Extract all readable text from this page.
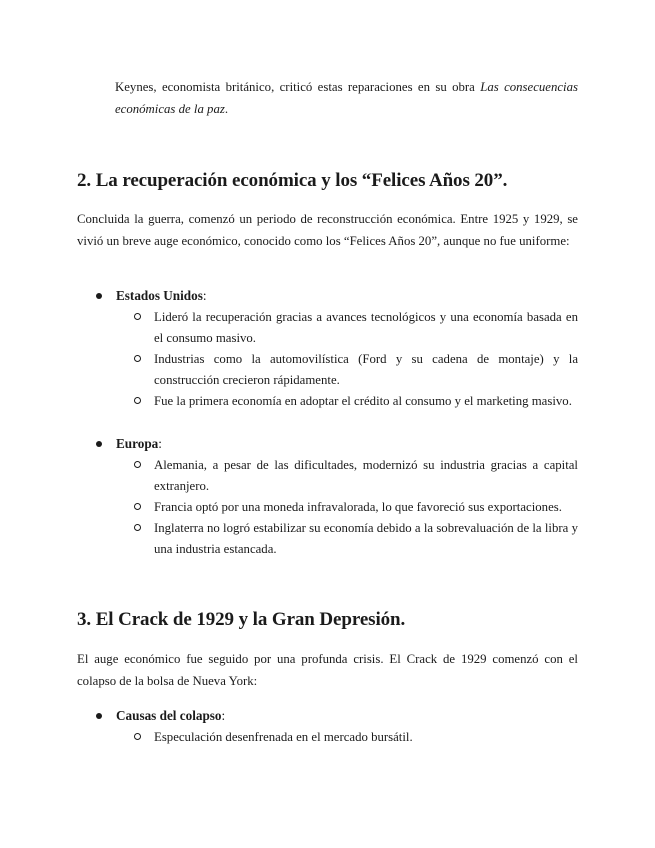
Keynes, economista británico, criticó estas reparaciones en su obra Las consecuencias económicas de la paz.

2. La recuperación económica y los “Felices Años 20”.

Concluida la guerra, comenzó un periodo de reconstrucción económica. Entre 1925 y 1929, se vivió un breve auge económico, conocido como los “Felices Años 20”, aunque no fue uniforme:

Estados Unidos:
Lideró la recuperación gracias a avances tecnológicos y una economía basada en el consumo masivo.
Industrias como la automovilística (Ford y su cadena de montaje) y la construcción crecieron rápidamente.
Fue la primera economía en adoptar el crédito al consumo y el marketing masivo.
Europa:
Alemania, a pesar de las dificultades, modernizó su industria gracias a capital extranjero.
Francia optó por una moneda infravalorada, lo que favoreció sus exportaciones.
Inglaterra no logró estabilizar su economía debido a la sobrevaluación de la libra y una industria estancada.
3. El Crack de 1929 y la Gran Depresión.

El auge económico fue seguido por una profunda crisis. El Crack de 1929 comenzó con el colapso de la bolsa de Nueva York:

Causas del colapso:
Especulación desenfrenada en el mercado bursátil.
